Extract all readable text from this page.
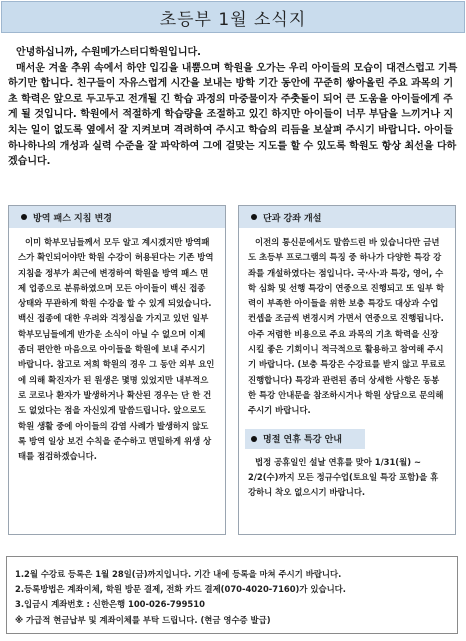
초등부 1월 소식지

안녕하십니까, 수원메가스터디학원입니다.

매서운 겨울 추위 속에서 하얀 입김을 내뿜으며 학원을 오가는 우리 아이들의 모습이 대견스럽고 기특하기만 합니다. 친구들이 자유스럽게 시간을 보내는 방학 기간 동안에 꾸준히 쌓아올린 주요 과목의 기초 학력은 앞으로 두고두고 전개될 긴 학습 과정의 마중물이자 주춧돌이 되어 큰 도움을 아이들에게 주게 될 것입니다. 학원에서 적절하게 학습량을 조절하고 있긴 하지만 아이들이 너무 부담을 느끼거나 지치는 일이 없도록 옆에서 잘 지켜보며 격려하여 주시고 학습의 리듬을 보살펴 주시기 바랍니다. 아이들 하나하나의 개성과 실력 수준을 잘 파악하여 그에 걸맞는 지도를 할 수 있도록 학원도 항상 최선을 다하겠습니다.

방역 패스 지침 변경
이미 학부모님들께서 모두 알고 계시겠지만 방역패스가 확인되어야만 학원 수강이 허용된다는 기존 방역 지침을 정부가 최근에 변경하여 학원을 방역 패스 면제 업종으로 분류하였으며 모든 아이들이 백신 접종 상태와 무관하게 학원 수강을 할 수 있게 되었습니다. 백신 접종에 대한 우려와 걱정심을 가지고 있던 일부 학부모님들에게 반가운 소식이 아닐 수 없으며 이제 좀더 편안한 마음으로 아이들을 학원에 보내 주시기 바랍니다. 참고로 저희 학원의 경우 그 동안 외부 요인에 의해 확진자가 된 원생은 몇명 있었지만 내부적으로 코로나 환자가 발생하거나 확산된 경우는 단 한 건도 없었다는 점을 자신있게 말씀드립니다. 앞으로도 학원 생활 중에 아이들의 감염 사례가 발생하지 않도록 방역 일상 보건 수칙을 준수하고 면밀하게 위생 상태를 점검하겠습니다.
단과 강좌 개설
이전의 통신문에서도 말씀드린 바 있습니다만 금년도 초등부 프로그램의 특징 중 하나가 다양한 특강 강좌를 개설하였다는 점입니다. 국·사·과 특강, 영어, 수학 심화 및 선행 특강이 연중으로 진행되고 또 일부 학력이 부족한 아이들을 위한 보충 특강도 대상과 수업 컨셉을 조금씩 변경시켜 가면서 연중으로 진행됩니다. 아주 저렴한 비용으로 주요 과목의 기초 학력을 신장시킬 좋은 기회이니 적극적으로 활용하고 참여해 주시기 바랍니다. (보충 특강은 수강료를 받지 않고 무료로 진행합니다) 특강과 관련된 좀더 상세한 사항은 동봉한 특강 안내문을 참조하시거나 학원 상담으로 문의해 주시기 바랍니다.
명절 연휴 특강 안내
법정 공휴일인 설날 연휴를 맞아 1/31(월) ~ 2/2(수)까지 모든 정규수업(토요일 특강 포함)을 휴강하니 착오 없으시기 바랍니다.
1.2월 수강료 등록은 1월 28일(금)까지입니다. 기간 내에 등록을 마쳐 주시기 바랍니다.
2.등록방법은 계좌이체, 학원 방문 결제, 전화 카드 결제(070-4020-7160)가 있습니다.
3.입금시 계좌번호 : 신한은행 100-026-799510
※ 가급적 현금납부 및 계좌이체를 부탁 드립니다. (현금 영수증 발급)
